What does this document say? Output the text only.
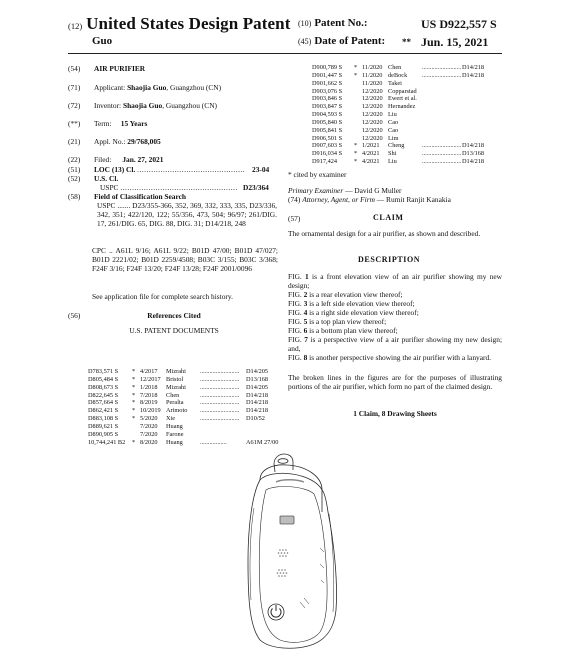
(12) United States Design Patent
Guo
(10) Patent No.:	US D922,557 S
(45) Date of Patent: ** Jun. 15, 2021
(54) AIR PURIFIER
(71) Applicant: Shaojia Guo, Guangzhou (CN)
(72) Inventor: Shaojia Guo, Guangzhou (CN)
(**) Term: 15 Years
(21) Appl. No.: 29/768,005
(22) Filed: Jan. 27, 2021
(51) LOC (13) Cl. .............................................. 23-04
(52) U.S. Cl.
USPC .................................................. D23/364
(58) Field of Classification Search
USPC ....... D23/355-366, 352, 369, 332, 333, 335, D23/336, 342, 351; 422/120, 122; 55/356, 473, 504; 96/97; 261/DIG. 17, 261/DIG. 65, DIG. 88, DIG. 31; D14/218, 248
CPC .. A61L 9/16; A61L 9/22; B01D 47/00; B01D 47/027; B01D 2221/02; B01D 2259/4508; B03C 3/155; B03C 3/368; F24F 3/16; F24F 13/20; F24F 13/28; F24F 2001/0096
See application file for complete search history.
(56)	References Cited
U.S. PATENT DOCUMENTS
D783,571 S * 4/2017 Mizrahi ......................... D14/205
D805,484 S * 12/2017 Bristol	......................... D13/168
D808,673 S * 1/2018 Mizrahi ......................... D14/205
D822,645 S * 7/2018 Chen	......................... D14/218
D857,664 S * 8/2019 Peralta	......................... D14/218
D862,421 S * 10/2019 Arimoto ......................... D14/218
D883,108 S * 5/2020 Xie	......................... D10/52
D889,621 S	7/2020 Huang
D890,905 S	7/2020 Farone
10,744,241 B2 * 8/2020 Huang	.................	A61M 27/00
D900,789 S * 11/2020 Chen	......................... D14/218
D901,447 S * 11/2020 deBock ......................... D14/218
D901,662 S	11/2020 Takei
D903,076 S	12/2020 Copparstad
D903,846 S	12/2020 Ewert et al.
D903,847 S	12/2020 Hernandez
D904,593 S	12/2020 Liu
D905,840 S	12/2020 Cao
D905,841 S	12/2020 Cao
D906,501 S	12/2020 Lim
D907,603 S * 1/2021 Cheng	......................... D14/218
D916,034 S * 4/2021 Shi	......................... D13/168
D917,424	* 4/2021 Liu	......................... D14/218
* cited by examiner
Primary Examiner — David G Muller
(74) Attorney, Agent, or Firm — Rumit Ranjit Kanakia
(57)	CLAIM
The ornamental design for a air purifier, as shown and described.
DESCRIPTION
FIG. 1 is a front elevation view of an air purifier showing my new design;
FIG. 2 is a rear elevation view thereof;
FIG. 3 is a left side elevation view thereof;
FIG. 4 is a right side elevation view thereof;
FIG. 5 is a top plan view thereof;
FIG. 6 is a bottom plan view thereof;
FIG. 7 is a perspective view of a air purifier showing my new design; and,
FIG. 8 is another perspective showing the air purifier with a lanyard.
The broken lines in the figures are for the purposes of illustrating portions of the air purifier, which form no part of the claimed design.
1 Claim, 8 Drawing Sheets
